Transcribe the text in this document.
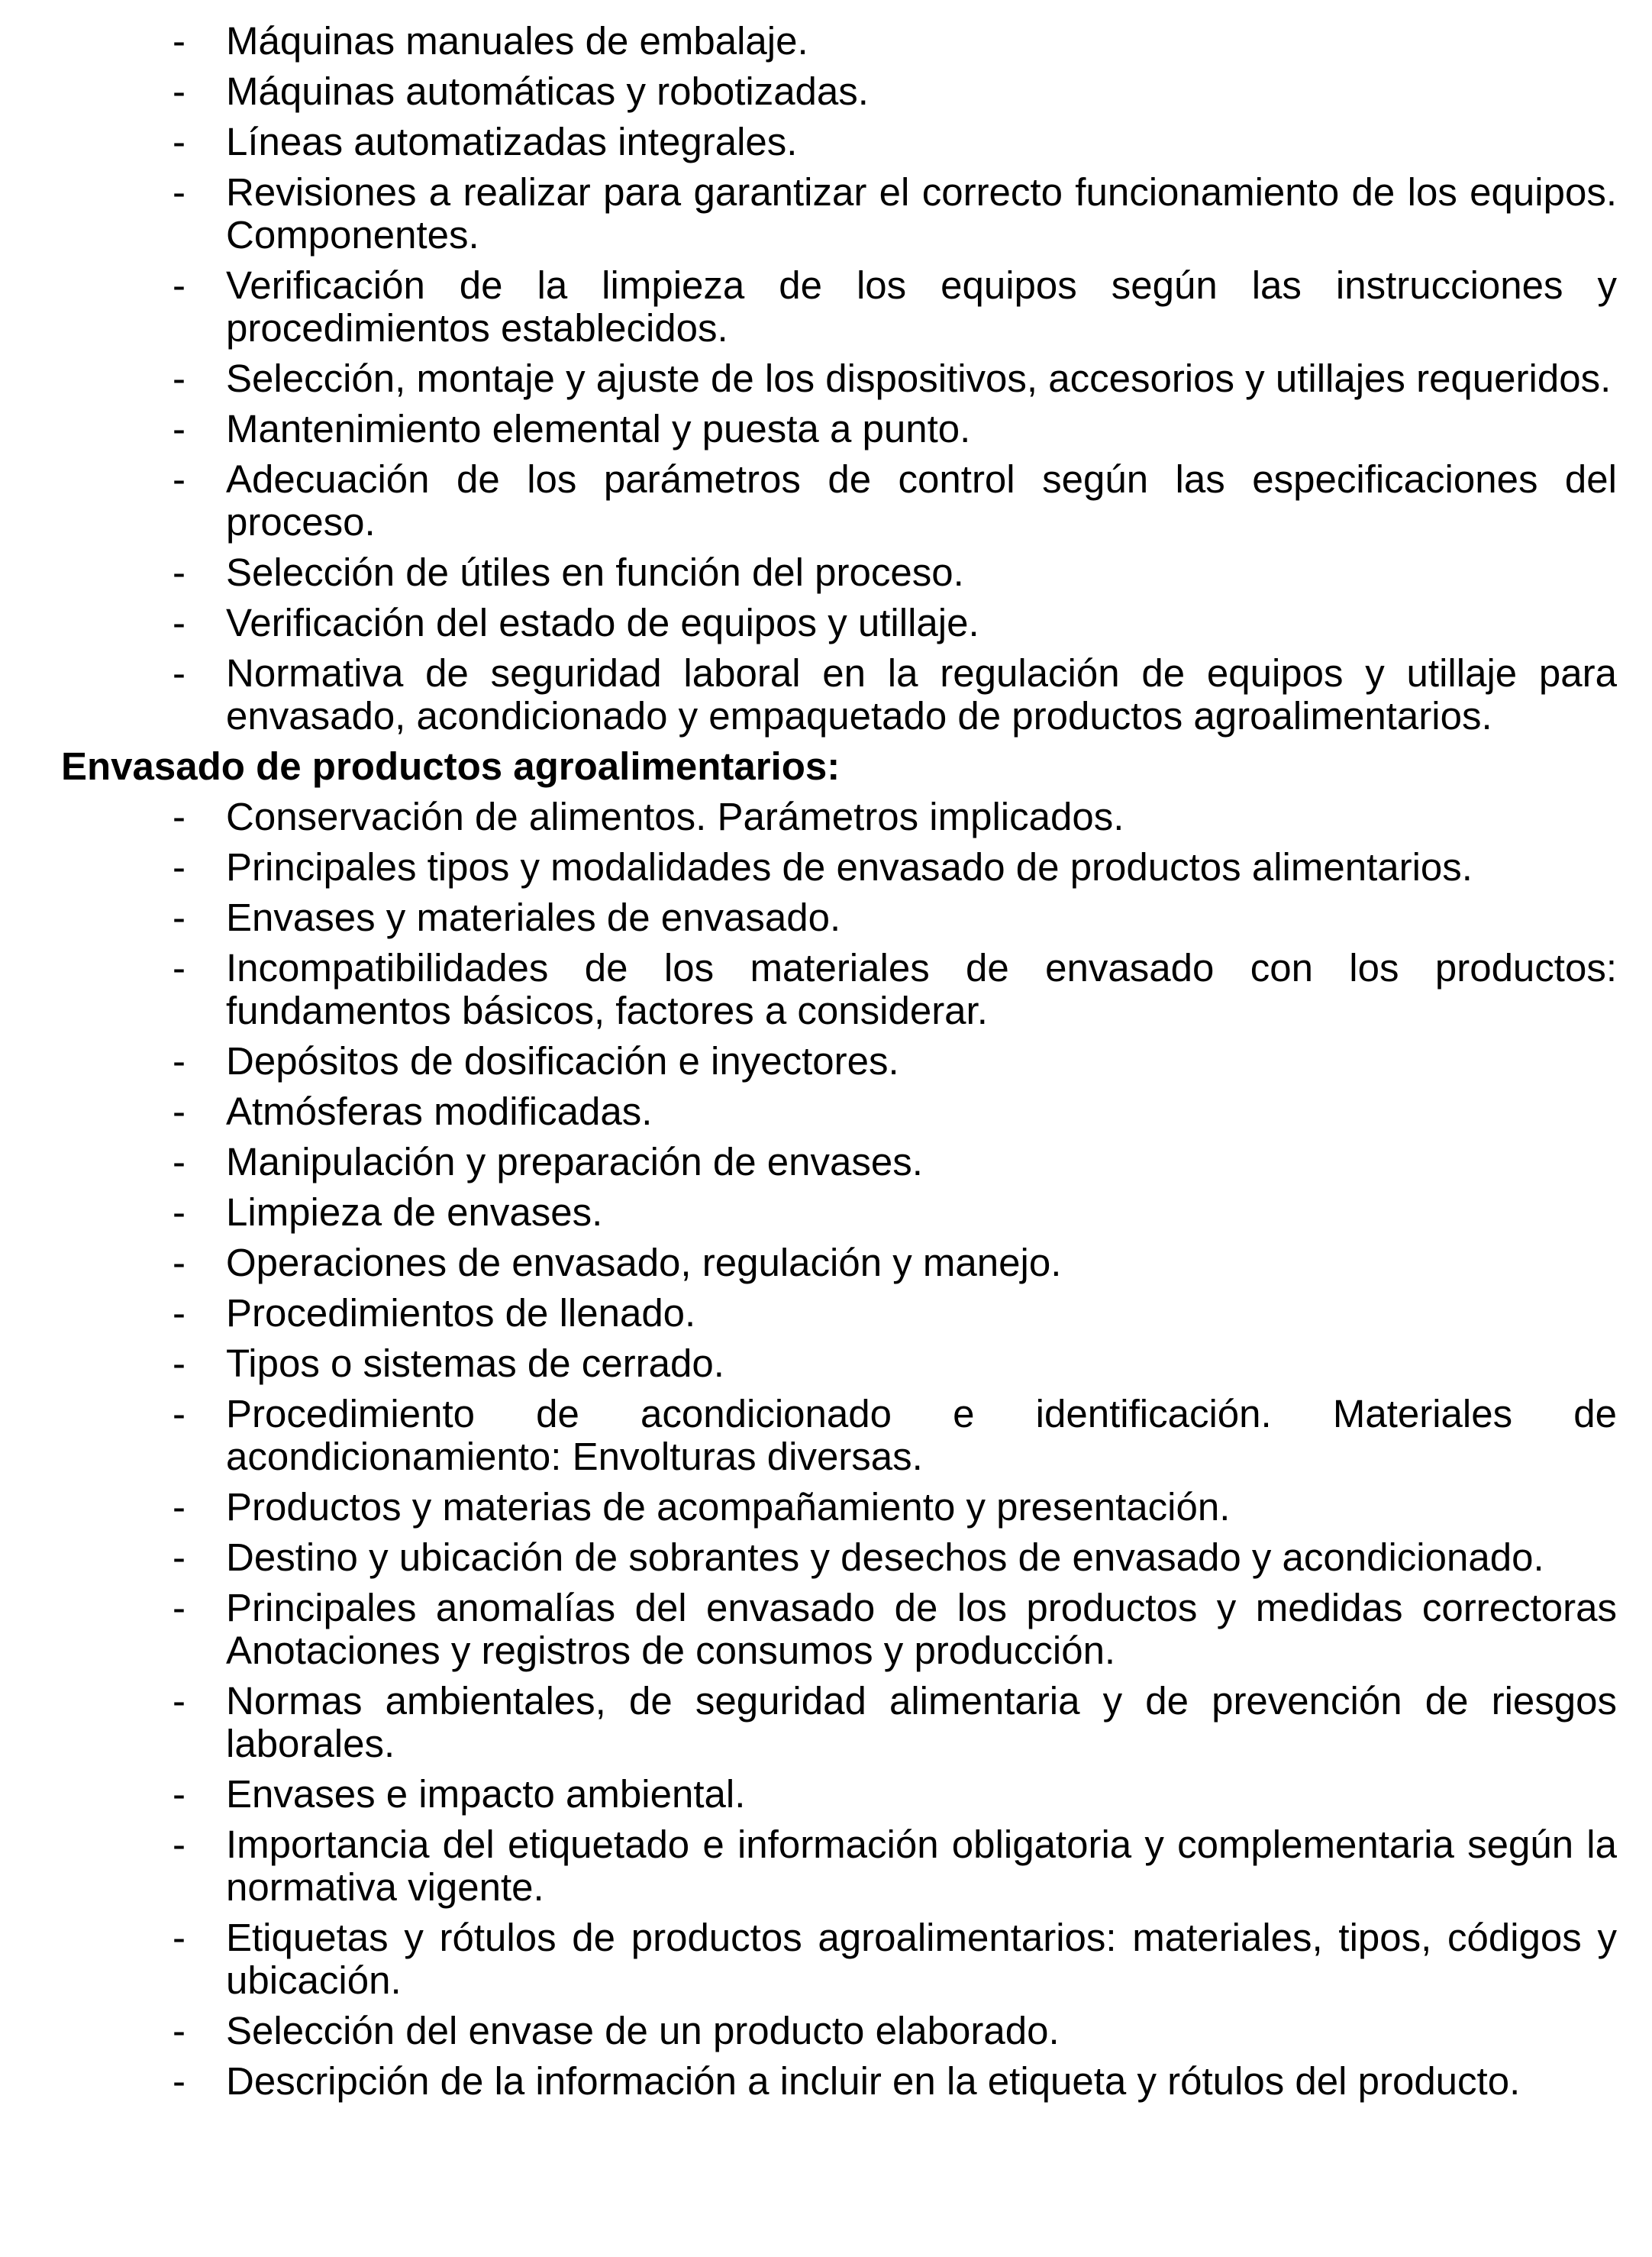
- Máquinas manuales de embalaje.
- Máquinas automáticas y robotizadas.
- Líneas automatizadas integrales.
- Revisiones a realizar para garantizar el correcto funcionamiento de los equipos. Componentes.
- Verificación de la limpieza de los equipos según las instrucciones y procedimientos establecidos.
- Selección, montaje y ajuste de los dispositivos, accesorios y utillajes requeridos.
- Mantenimiento elemental y puesta a punto.
- Adecuación de los parámetros de control según las especificaciones del proceso.
- Selección de útiles en función del proceso.
- Verificación del estado de equipos y utillaje.
- Normativa de seguridad laboral en la regulación de equipos y utillaje para envasado, acondicionado y empaquetado de productos agroalimentarios.
Envasado de productos agroalimentarios:
- Conservación de alimentos. Parámetros implicados.
- Principales tipos y modalidades de envasado de productos alimentarios.
- Envases y materiales de envasado.
- Incompatibilidades de los materiales de envasado con los productos: fundamentos básicos, factores a considerar.
- Depósitos de dosificación e inyectores.
- Atmósferas modificadas.
- Manipulación y preparación de envases.
- Limpieza de envases.
- Operaciones de envasado, regulación y manejo.
- Procedimientos de llenado.
- Tipos o sistemas de cerrado.
- Procedimiento de acondicionado e identificación. Materiales de acondicionamiento: Envolturas diversas.
- Productos y materias de acompañamiento y presentación.
- Destino y ubicación de sobrantes y desechos de envasado y acondicionado.
- Principales anomalías del envasado de los productos y medidas correctoras Anotaciones y registros de consumos y producción.
- Normas ambientales, de seguridad alimentaria y de prevención de riesgos laborales.
- Envases e impacto ambiental.
- Importancia del etiquetado e información obligatoria y complementaria según la normativa vigente.
- Etiquetas y rótulos de productos agroalimentarios: materiales, tipos, códigos y ubicación.
- Selección del envase de un producto elaborado.
- Descripción de la información a incluir en la etiqueta y rótulos del producto.
